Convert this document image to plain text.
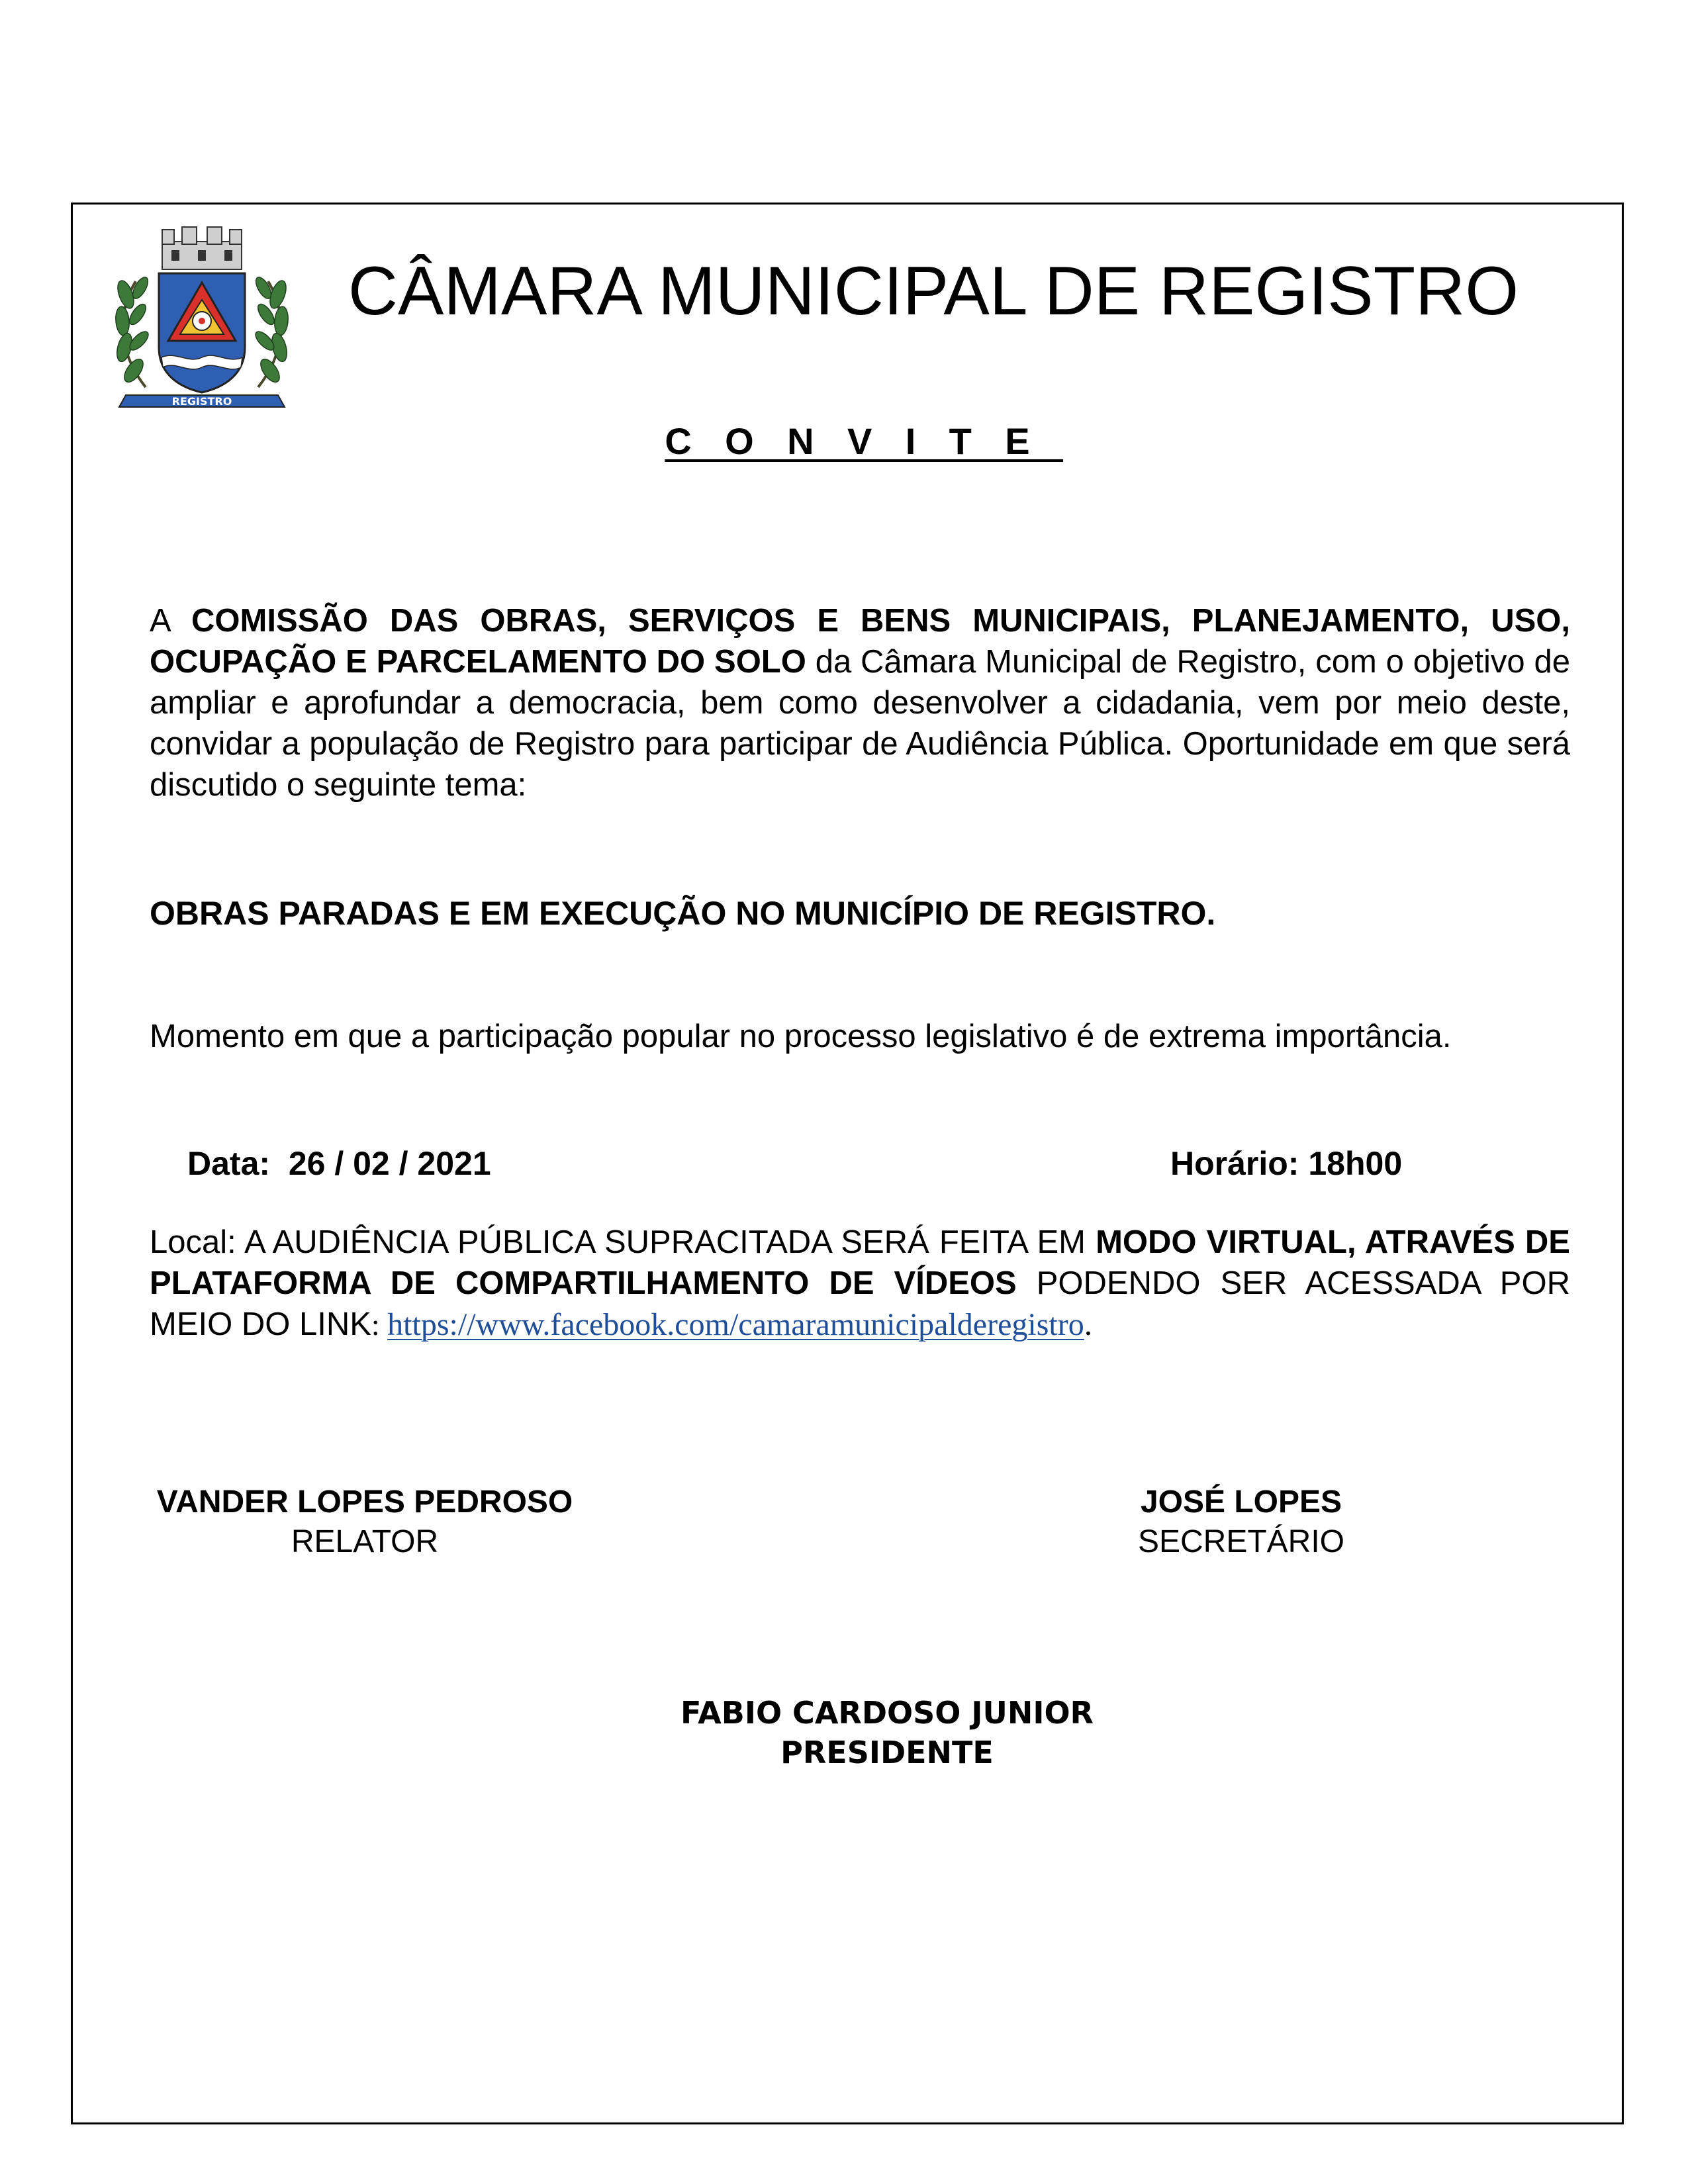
REGISTRO
CÂMARA MUNICIPAL DE REGISTRO
CONVITE
A COMISSÃO DAS OBRAS, SERVIÇOS E BENS MUNICIPAIS, PLANEJAMENTO, USO, OCUPAÇÃO E PARCELAMENTO DO SOLO da Câmara Municipal de Registro, com o objetivo de ampliar e aprofundar a democracia, bem como desenvolver a cidadania, vem por meio deste, convidar a população de Registro para participar de Audiência Pública. Oportunidade em que será discutido o seguinte tema:
OBRAS PARADAS E EM EXECUÇÃO NO MUNICÍPIO DE REGISTRO.
Momento em que a participação popular no processo legislativo é de extrema importância.
Data: 26 / 02 / 2021	Horário: 18h00
Local: A AUDIÊNCIA PÚBLICA SUPRACITADA SERÁ FEITA EM MODO VIRTUAL, ATRAVÉS DE PLATAFORMA DE COMPARTILHAMENTO DE VÍDEOS PODENDO SER ACESSADA POR MEIO DO LINK: https://www.facebook.com/camaramunicipalderegistro.
VANDER LOPES PEDROSO
RELATOR
JOSÉ LOPES
SECRETÁRIO
FABIO CARDOSO JUNIOR
PRESIDENTE
